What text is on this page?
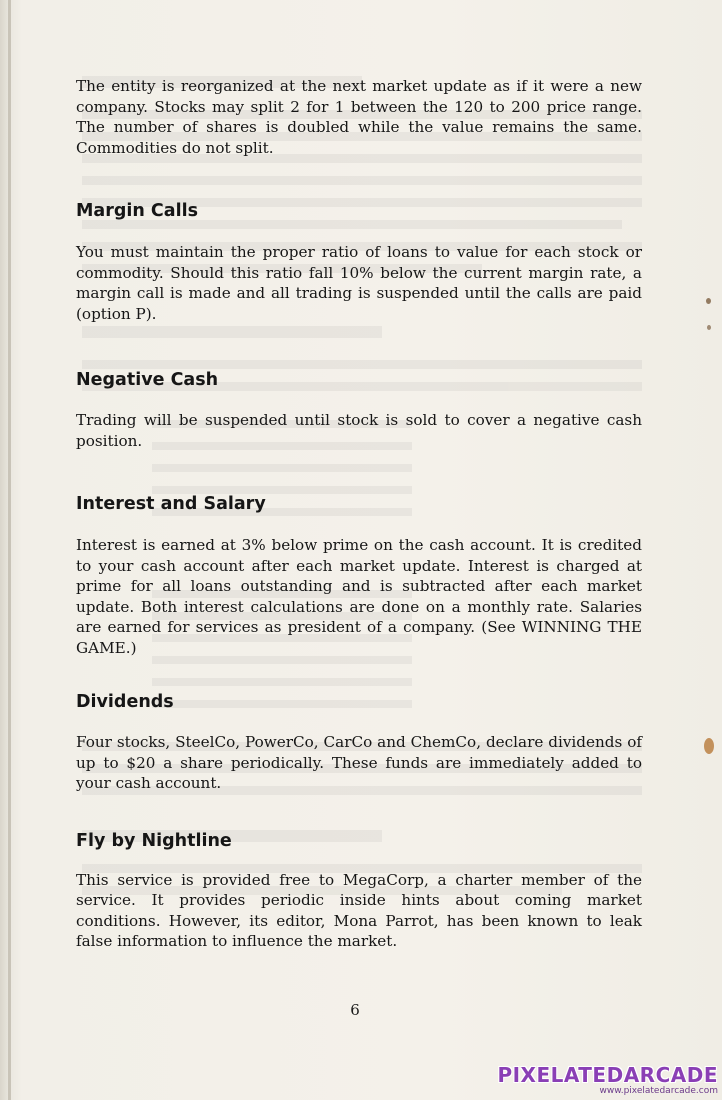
The entity is reorganized at the next market update as if it were a new company. Stocks may split 2 for 1 between the 120 to 200 price range. The number of shares is doubled while the value remains the same. Commodities do not split.

Margin Calls

You must maintain the proper ratio of loans to value for each stock or commodity. Should this ratio fall 10% below the current margin rate, a margin call is made and all trading is suspended until the calls are paid (option P).

Negative Cash

Trading will be suspended until stock is sold to cover a negative cash position.

Interest and Salary

Interest is earned at 3% below prime on the cash account. It is credited to your cash account after each market update. Interest is charged at prime for all loans outstanding and is subtracted after each market update. Both interest calculations are done on a monthly rate. Salaries are earned for services as president of a company. (See WINNING THE GAME.)

Dividends

Four stocks, SteelCo, PowerCo, CarCo and ChemCo, declare dividends of up to $20 a share periodically. These funds are immediately added to your cash account.

Fly by Nightline

This service is provided free to MegaCorp, a charter member of the service. It provides periodic inside hints about coming market conditions. However, its editor, Mona Parrot, has been known to leak false information to influence the market.

6
PIXELATEDARCADE
www.pixelatedarcade.com
